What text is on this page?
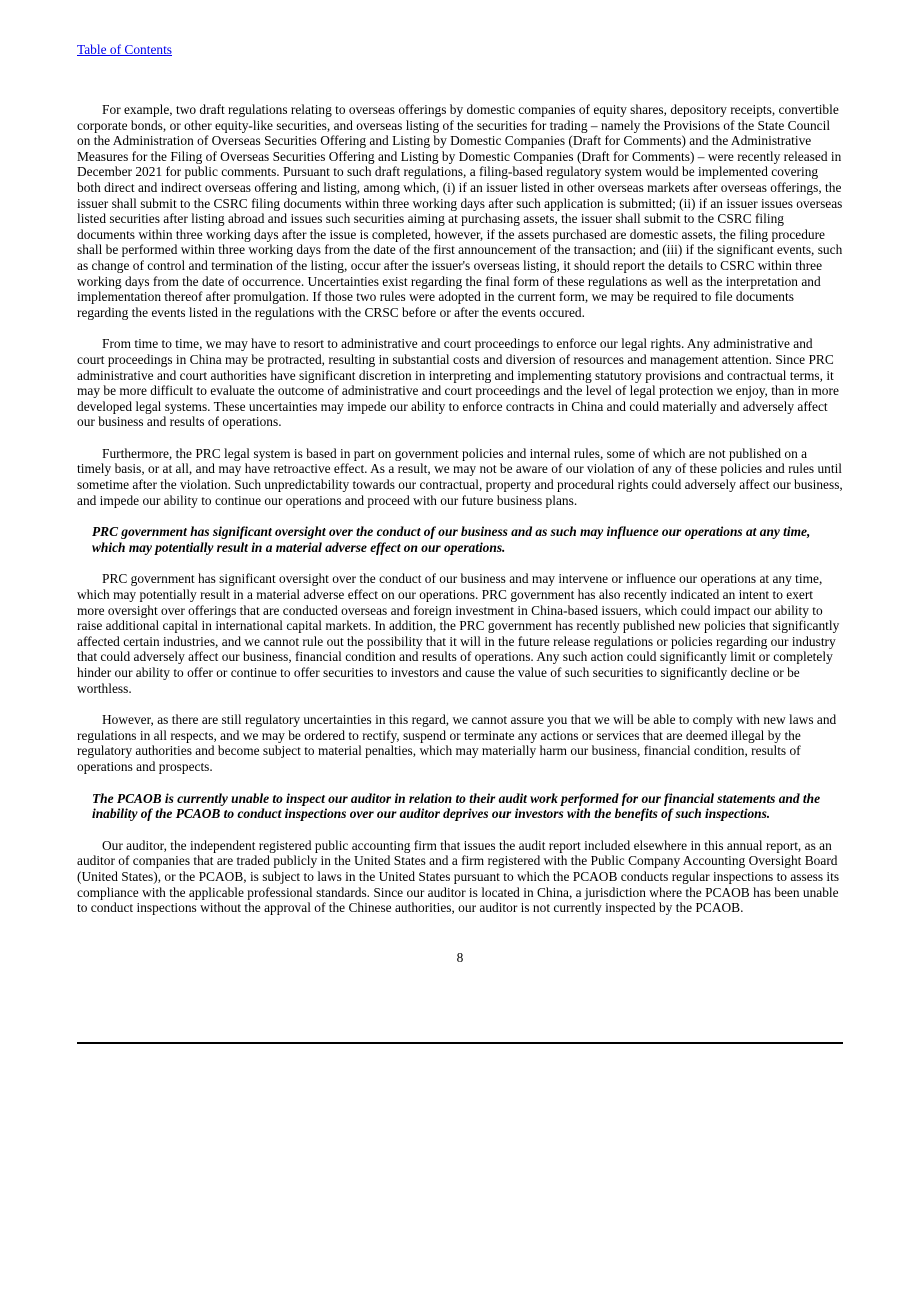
Table of Contents

For example, two draft regulations relating to overseas offerings by domestic companies of equity shares, depository receipts, convertible corporate bonds, or other equity-like securities, and overseas listing of the securities for trading – namely the Provisions of the State Council on the Administration of Overseas Securities Offering and Listing by Domestic Companies (Draft for Comments) and the Administrative Measures for the Filing of Overseas Securities Offering and Listing by Domestic Companies (Draft for Comments) – were recently released in December 2021 for public comments. Pursuant to such draft regulations, a filing-based regulatory system would be implemented covering both direct and indirect overseas offering and listing, among which, (i) if an issuer listed in other overseas markets after overseas offerings, the issuer shall submit to the CSRC filing documents within three working days after such application is submitted; (ii) if an issuer issues overseas listed securities after listing abroad and issues such securities aiming at purchasing assets, the issuer shall submit to the CSRC filing documents within three working days after the issue is completed, however, if the assets purchased are domestic assets, the filing procedure shall be performed within three working days from the date of the first announcement of the transaction; and (iii) if the significant events, such as change of control and termination of the listing, occur after the issuer's overseas listing, it should report the details to CSRC within three working days from the date of occurrence. Uncertainties exist regarding the final form of these regulations as well as the interpretation and implementation thereof after promulgation. If those two rules were adopted in the current form, we may be required to file documents regarding the events listed in the regulations with the CRSC before or after the events occured.

From time to time, we may have to resort to administrative and court proceedings to enforce our legal rights. Any administrative and court proceedings in China may be protracted, resulting in substantial costs and diversion of resources and management attention. Since PRC administrative and court authorities have significant discretion in interpreting and implementing statutory provisions and contractual terms, it may be more difficult to evaluate the outcome of administrative and court proceedings and the level of legal protection we enjoy, than in more developed legal systems. These uncertainties may impede our ability to enforce contracts in China and could materially and adversely affect our business and results of operations.

Furthermore, the PRC legal system is based in part on government policies and internal rules, some of which are not published on a timely basis, or at all, and may have retroactive effect. As a result, we may not be aware of our violation of any of these policies and rules until sometime after the violation. Such unpredictability towards our contractual, property and procedural rights could adversely affect our business, and impede our ability to continue our operations and proceed with our future business plans.

PRC government has significant oversight over the conduct of our business and as such may influence our operations at any time, which may potentially result in a material adverse effect on our operations.

PRC government has significant oversight over the conduct of our business and may intervene or influence our operations at any time, which may potentially result in a material adverse effect on our operations. PRC government has also recently indicated an intent to exert more oversight over offerings that are conducted overseas and foreign investment in China-based issuers, which could impact our ability to raise additional capital in international capital markets. In addition, the PRC government has recently published new policies that significantly affected certain industries, and we cannot rule out the possibility that it will in the future release regulations or policies regarding our industry that could adversely affect our business, financial condition and results of operations. Any such action could significantly limit or completely hinder our ability to offer or continue to offer securities to investors and cause the value of such securities to significantly decline or be worthless.

However, as there are still regulatory uncertainties in this regard, we cannot assure you that we will be able to comply with new laws and regulations in all respects, and we may be ordered to rectify, suspend or terminate any actions or services that are deemed illegal by the regulatory authorities and become subject to material penalties, which may materially harm our business, financial condition, results of operations and prospects.

The PCAOB is currently unable to inspect our auditor in relation to their audit work performed for our financial statements and the inability of the PCAOB to conduct inspections over our auditor deprives our investors with the benefits of such inspections.

Our auditor, the independent registered public accounting firm that issues the audit report included elsewhere in this annual report, as an auditor of companies that are traded publicly in the United States and a firm registered with the Public Company Accounting Oversight Board (United States), or the PCAOB, is subject to laws in the United States pursuant to which the PCAOB conducts regular inspections to assess its compliance with the applicable professional standards. Since our auditor is located in China, a jurisdiction where the PCAOB has been unable to conduct inspections without the approval of the Chinese authorities, our auditor is not currently inspected by the PCAOB.

8
